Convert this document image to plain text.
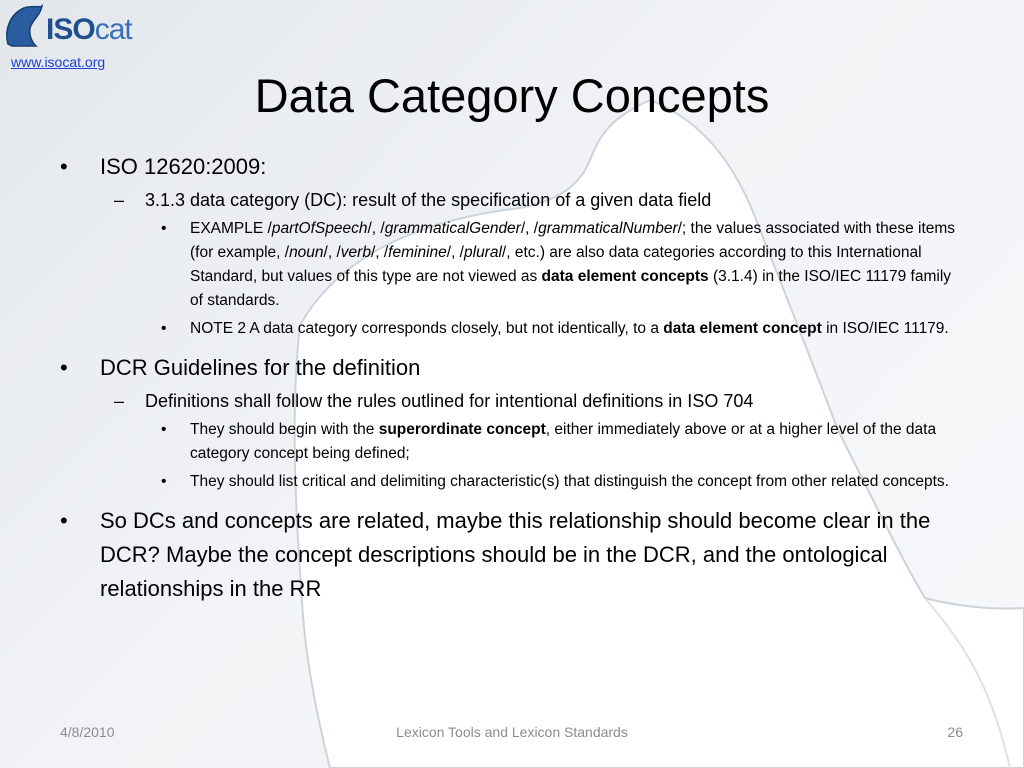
ISOcat
www.isocat.org
Data Category Concepts
• ISO 12620:2009:
– 3.1.3 data category (DC): result of the specification of a given data field
• EXAMPLE /partOfSpeech/, /grammaticalGender/, /grammaticalNumber/; the values associated with these items (for example, /noun/, /verb/, /feminine/, /plural/, etc.) are also data categories according to this International Standard, but values of this type are not viewed as data element concepts (3.1.4) in the ISO/IEC 11179 family of standards.
• NOTE 2 A data category corresponds closely, but not identically, to a data element concept in ISO/IEC 11179.
• DCR Guidelines for the definition
– Definitions shall follow the rules outlined for intentional definitions in ISO 704
• They should begin with the superordinate concept, either immediately above or at a higher level of the data category concept being defined;
• They should list critical and delimiting characteristic(s) that distinguish the concept from other related concepts.
• So DCs and concepts are related, maybe this relationship should become clear in the DCR? Maybe the concept descriptions should be in the DCR, and the ontological relationships in the RR
4/8/2010	Lexicon Tools and Lexicon Standards	26
